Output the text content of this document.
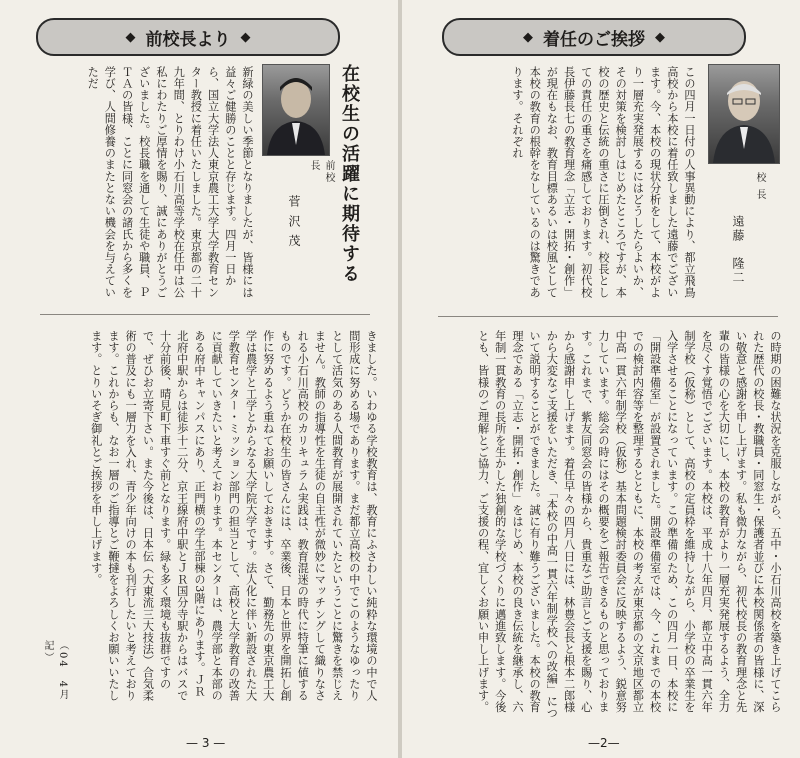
◆ 前校長より ◆
在校生の活躍に期待する
前校長
菅 沢 茂
新緑の美しい季節となりましたが、皆様には益々ご健勝のことと存じます。四月一日から、国立大学法人東京農工大学大学教育センター教授に着任いたしました。東京都の二十九年間、とりわけ小石川高等学校在任中は公私にわたりご厚情を賜り、誠にありがとうございました。校長職を通して生徒や職員、ＰＴＡの皆様、ことに同窓会の諸氏から多くを学び、人間修養のまたとない機会を与えていただ
きました。いわゆる学校教育は、教育にふさわしい純粋な環境の中で人間形成に努める場であります。まだ都立高校の中でこのようなゆったりとして活気のある人間教育が展開されていたということに驚きを禁じえません。教師の指導性を生徒の自主性が微妙にマッチングして織りなされる小石川高校のカリキュラム実践は、教育混迷の時代に特筆に値するものです。どうか在校生の皆さんには、卒業後、日本と世界を開拓し創作に努めるよう重ねてお願いしておきます。さて、勤務先の東京農工大学は農学と工学とからなる大学院大学です。法人化に伴い新設された大学教育センター・ミッション部門の担当として、高校と大学教育の改善に貢献していきたいと考えております。本センターは、農学部と本部のある府中キャンパスにあり、正門横の学生部棟の3階にあります。ＪＲ北府中駅からは徒歩十二分、京王線府中駅とＪＲ国分寺駅からはバスで十分前後、晴見町下車すぐ前となります。緑も多く環境も抜群ですので、ぜひお立寄下さい。また今後は、日本伝（大東流三大技法）合気柔術の普及にも一層力を入れ、青少年向けの本も刊行したいと考えております。これからも、なお一層のご指導とご鞭撻をよろしくお願いいたします。とりいそぎ御礼とご挨拶を申し上げます。
（04　4月　記）
— 3 —
◆ 着任のご挨拶 ◆
校 長
遠藤　隆二
この四月一日付の人事異動により、都立飛鳥高校から本校に着任致しました遠藤でございます。今、本校の現状分析をして、本校がより一層充実発展するにはどうしたらよいか、その対策を検討しはじめたところですが、本校の歴史と伝統の重さに圧倒され、校長としての責任の重さを痛感しております。初代校長伊藤長七の教育理念「立志・開拓・創作」が現在もなお、教育目標あるいは校風として本校の教育の根幹をなしているのは驚きであります。それぞれ
の時期の困難な状況を克服しながら、五中・小石川高校を築き上げてこられた歴代の校長・教職員・同窓生・保護者並びに本校関係者の皆様に、深い敬意と感謝を申し上げます。私も微力ながら、初代校長の教育理念と先輩の皆様の心を大切にし、本校の教育がより一層充実発展するよう、全力を尽くす覚悟でございます。本校は、平成十八年四月、都立中高一貫六年制学校（仮称）として、高校の定員枠を維持しながら、小学校の卒業生を入学させることになっています。この準備のため、この四月一日、本校に「開設準備室」が設置されました。開設準備室では、今、これまでの本校での検討内容等を整理するとともに、本校の考えが東京都の文京地区都立中高一貫六年制学校（仮称）基本問題検討委員会に反映するよう、鋭意努力しています。総会の時にはその概要をご報告できるものと思っております。これまで、紫友同窓会の皆様から、貴重なご助言とご支援を賜り、心から感謝申し上げます。着任早々の四月八日には、林豊会長と根本二郎様から大変なご支援をいただき、「本校の中高一貫六年制学校への改編」について説明することができました。誠に有り難うございました。本校の教育理念である「立志・開拓・創作」をはじめ、本校の良き伝統を継承し、六年制一貫教育の長所を生かした独創的な学校づくりに邁進致します。今後とも、皆様のご理解とご協力、ご支援の程、宜しくお願い申し上げます。
—2—
